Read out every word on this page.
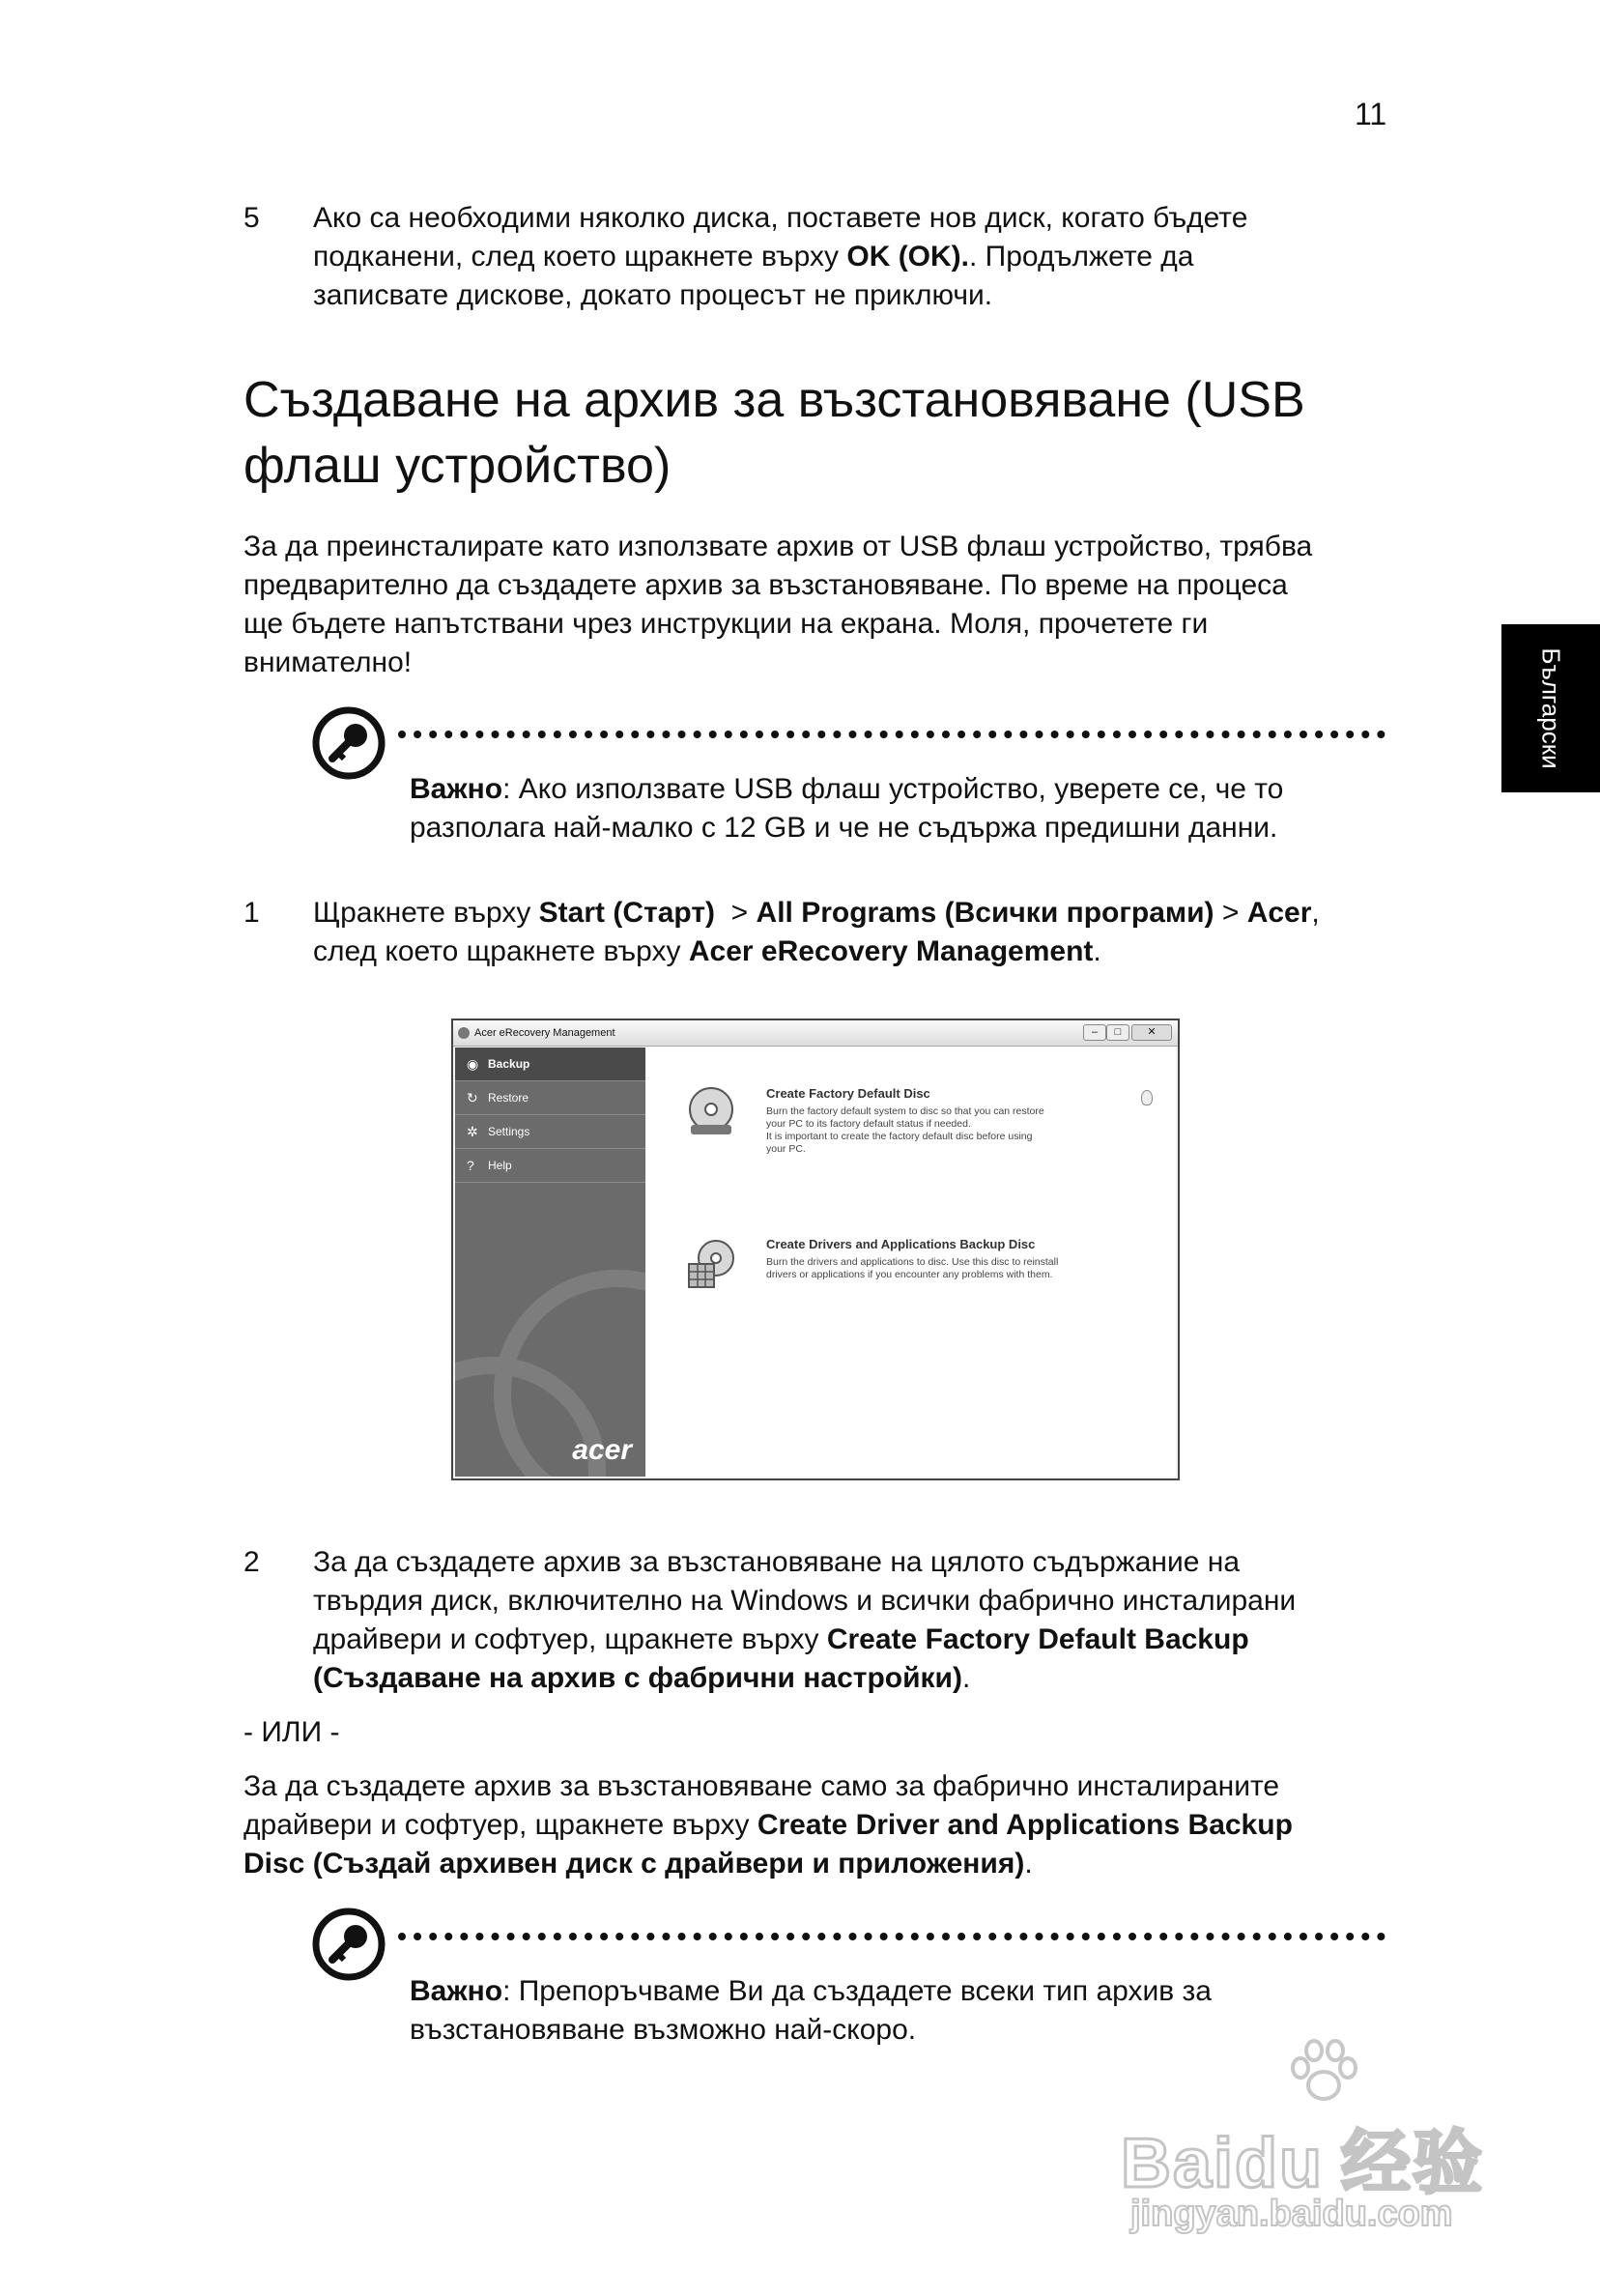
11
Български
5 Ако са необходими няколко диска, поставете нов диск, когато бъдете
подканени, след което щракнете върху OK (OK).. Продължете да
записвате дискове, докато процесът не приключи.
Създаване на архив за възстановяване (USB
флаш устройство)
За да преинсталирате като използвате архив от USB флаш устройство, трябва
предварително да създадете архив за възстановяване. По време на процеса
ще бъдете напътствани чрез инструкции на екрана. Моля, прочетете ги
внимателно!
Важно: Ако използвате USB флаш устройство, уверете се, че то
разполага най-малко с 12 GB и че не съдържа предишни данни.
1 Щракнете върху Start (Старт)  > All Programs (Всички програми) > Acer,
след което щракнете върху Acer eRecovery Management.
Acer eRecovery Management	–	□	✕
◉ Backup
↻ Restore
✲ Settings
? Help
acer
Create Factory Default Disc
Burn the factory default system to disc so that you can restore
your PC to its factory default status if needed.
It is important to create the factory default disc before using
your PC.
Create Drivers and Applications Backup Disc
Burn the drivers and applications to disc. Use this disc to reinstall
drivers or applications if you encounter any problems with them.
2 За да създадете архив за възстановяване на цялото съдържание на
твърдия диск, включително на Windows и всички фабрично инсталирани
драйвери и софтуер, щракнете върху Create Factory Default Backup
(Създаване на архив с фабрични настройки).
- ИЛИ -
За да създадете архив за възстановяване само за фабрично инсталираните
драйвери и софтуер, щракнете върху Create Driver and Applications Backup
Disc (Създай архивен диск с драйвери и приложения).
Важно: Препоръчваме Ви да създадете всеки тип архив за
възстановяване възможно най-скоро.
Baidu 经验
jingyan.baidu.com
